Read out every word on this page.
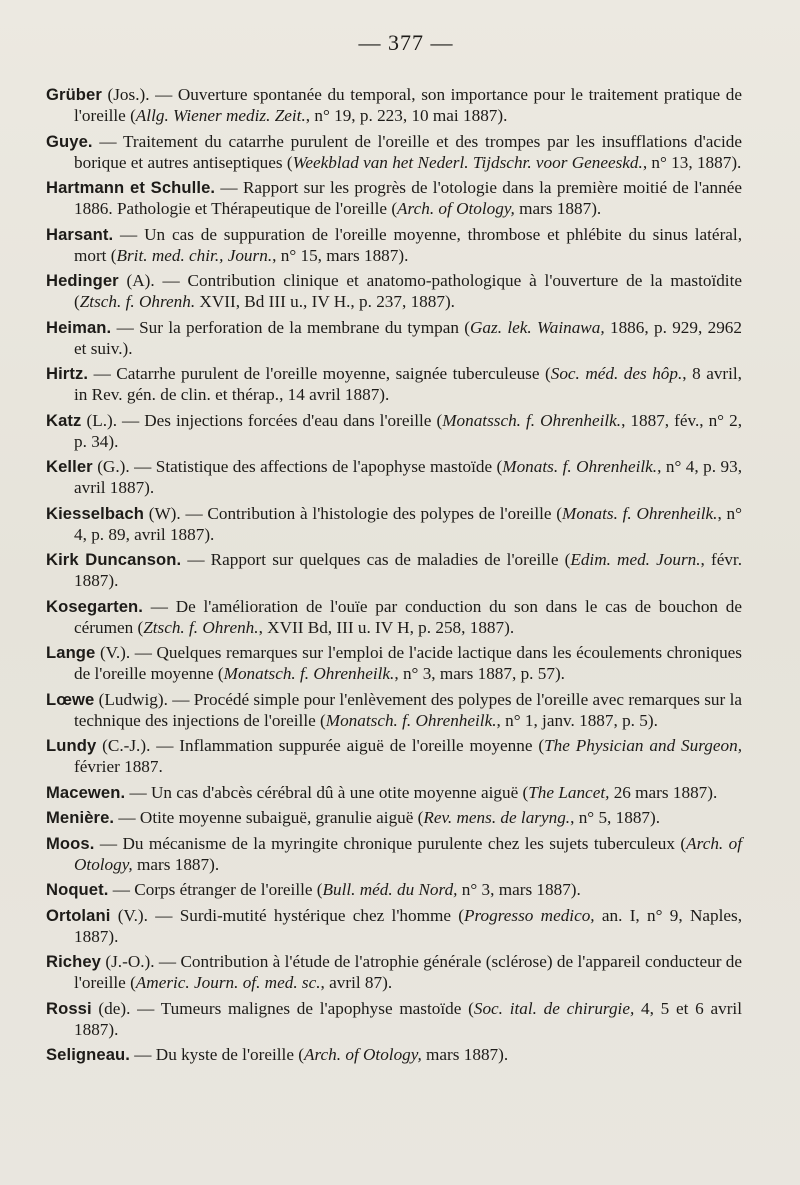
— 377 —

Grüber (Jos.). — Ouverture spontanée du temporal, son importance pour le traitement pratique de l'oreille (Allg. Wiener mediz. Zeit., n° 19, p. 223, 10 mai 1887).

Guye. — Traitement du catarrhe purulent de l'oreille et des trompes par les insufflations d'acide borique et autres antiseptiques (Weekblad van het Nederl. Tijdschr. voor Geneeskd., n° 13, 1887).

Hartmann et Schulle. — Rapport sur les progrès de l'otologie dans la première moitié de l'année 1886. Pathologie et Thérapeutique de l'oreille (Arch. of Otology, mars 1887).

Harsant. — Un cas de suppuration de l'oreille moyenne, thrombose et phlébite du sinus latéral, mort (Brit. med. chir., Journ., n° 15, mars 1887).

Hedinger (A). — Contribution clinique et anatomo-pathologique à l'ouverture de la mastoïdite (Ztsch. f. Ohrenh. XVII, Bd III u., IV H., p. 237, 1887).

Heiman. — Sur la perforation de la membrane du tympan (Gaz. lek. Wainawa, 1886, p. 929, 2962 et suiv.).

Hirtz. — Catarrhe purulent de l'oreille moyenne, saignée tuberculeuse (Soc. méd. des hôp., 8 avril, in Rev. gén. de clin. et thérap., 14 avril 1887).

Katz (L.). — Des injections forcées d'eau dans l'oreille (Monatssch. f. Ohrenheilk., 1887, fév., n° 2, p. 34).

Keller (G.). — Statistique des affections de l'apophyse mastoïde (Monats. f. Ohrenheilk., n° 4, p. 93, avril 1887).

Kiesselbach (W). — Contribution à l'histologie des polypes de l'oreille (Monats. f. Ohrenheilk., n° 4, p. 89, avril 1887).

Kirk Duncanson. — Rapport sur quelques cas de maladies de l'oreille (Edim. med. Journ., févr. 1887).

Kosegarten. — De l'amélioration de l'ouïe par conduction du son dans le cas de bouchon de cérumen (Ztsch. f. Ohrenh., XVII Bd, III u. IV H, p. 258, 1887).

Lange (V.). — Quelques remarques sur l'emploi de l'acide lactique dans les écoulements chroniques de l'oreille moyenne (Monatsch. f. Ohrenheilk., n° 3, mars 1887, p. 57).

Lœwe (Ludwig). — Procédé simple pour l'enlèvement des polypes de l'oreille avec remarques sur la technique des injections de l'oreille (Monatsch. f. Ohrenheilk., n° 1, janv. 1887, p. 5).

Lundy (C.-J.). — Inflammation suppurée aiguë de l'oreille moyenne (The Physician and Surgeon, février 1887.

Macewen. — Un cas d'abcès cérébral dû à une otite moyenne aiguë (The Lancet, 26 mars 1887).

Menière. — Otite moyenne subaiguë, granulie aiguë (Rev. mens. de laryng., n° 5, 1887).

Moos. — Du mécanisme de la myringite chronique purulente chez les sujets tuberculeux (Arch. of Otology, mars 1887).

Noquet. — Corps étranger de l'oreille (Bull. méd. du Nord, n° 3, mars 1887).

Ortolani (V.). — Surdi-mutité hystérique chez l'homme (Progresso medico, an. I, n° 9, Naples, 1887).

Richey (J.-O.). — Contribution à l'étude de l'atrophie générale (sclérose) de l'appareil conducteur de l'oreille (Americ. Journ. of. med. sc., avril 87).

Rossi (de). — Tumeurs malignes de l'apophyse mastoïde (Soc. ital. de chirurgie, 4, 5 et 6 avril 1887).

Seligneau. — Du kyste de l'oreille (Arch. of Otology, mars 1887).
